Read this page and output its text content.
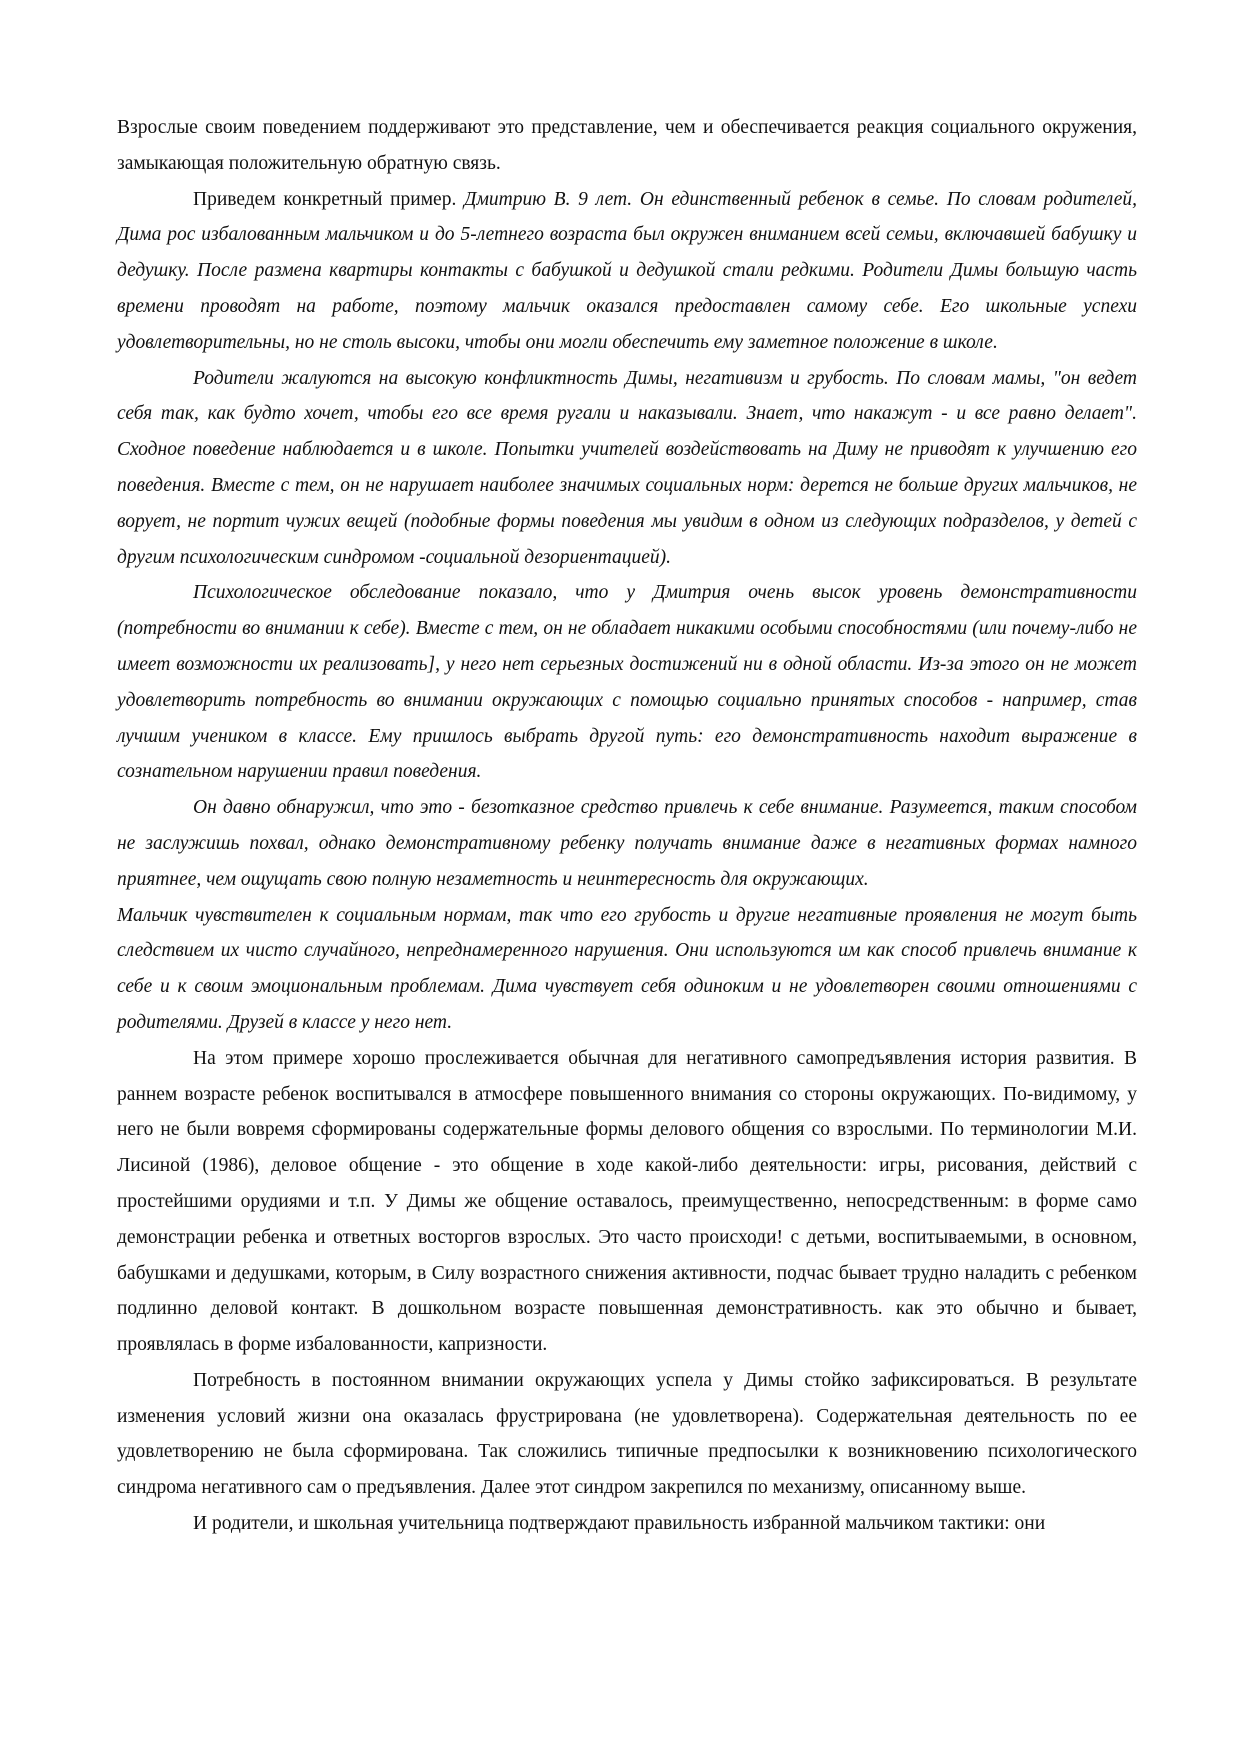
Взрослые своим поведением поддерживают это представление, чем и обеспечивается реакция социального окружения, замыкающая положительную обратную связь.

Приведем конкретный пример. Дмитрию В. 9 лет. Он единственный ребенок в семье. По словам родителей, Дима рос избалованным мальчиком и до 5-летнего возраста был окружен вниманием всей семьи, включавшей бабушку и дедушку. После размена квартиры контакты с бабушкой и дедушкой стали редкими. Родители Димы большую часть времени проводят на работе, поэтому мальчик оказался предоставлен самому себе. Его школьные успехи удовлетворительны, но не столь высоки, чтобы они могли обеспечить ему заметное положение в школе.

Родители жалуются на высокую конфликтность Димы, негативизм и грубость. По словам мамы, "он ведет себя так, как будто хочет, чтобы его все время ругали и наказывали. Знает, что накажут - и все равно делает". Сходное поведение наблюдается и в школе. Попытки учителей воздействовать на Диму не приводят к улучшению его поведения. Вместе с тем, он не нарушает наиболее значимых социальных норм: дерется не больше других мальчиков, не ворует, не портит чужих вещей (подобные формы поведения мы увидим в одном из следующих подразделов, у детей с другим психологическим синдромом -социальной дезориентацией).

Психологическое обследование показало, что у Дмитрия очень высок уровень демонстративности (потребности во внимании к себе). Вместе с тем, он не обладает никакими особыми способностями (или почему-либо не имеет возможности их реализовать], у него нет серьезных достижений ни в одной области. Из-за этого он не может удовлетворить потребность во внимании окружающих с помощью социально принятых способов - например, став лучшим учеником в классе. Ему пришлось выбрать другой путь: его демонстративность находит выражение в сознательном нарушении правил поведения.

Он давно обнаружил, что это - безотказное средство привлечь к себе внимание. Разумеется, таким способом не заслужишь похвал, однако демонстративному ребенку получать внимание даже в негативных формах намного приятнее, чем ощущать свою полную незаметность и неинтересность для окружающих.

Мальчик чувствителен к социальным нормам, так что его грубость и другие негативные проявления не могут быть следствием их чисто случайного, непреднамеренного нарушения. Они используются им как способ привлечь внимание к себе и к своим эмоциональным проблемам. Дима чувствует себя одиноким и не удовлетворен своими отношениями с родителями. Друзей в классе у него нет.

На этом примере хорошо прослеживается обычная для негативного самопредъявления история развития. В раннем возрасте ребенок воспитывался в атмосфере повышенного внимания со стороны окружающих. По-видимому, у него не были вовремя сформированы содержательные формы делового общения со взрослыми. По терминологии М.И. Лисиной (1986), деловое общение - это общение в ходе какой-либо деятельности: игры, рисования, действий с простейшими орудиями и т.п. У Димы же общение оставалось, преимущественно, непосредственным: в форме само демонстрации ребенка и ответных восторгов взрослых. Это часто происходи! с детьми, воспитываемыми, в основном, бабушками и дедушками, которым, в Силу возрастного снижения активности, подчас бывает трудно наладить с ребенком подлинно деловой контакт. В дошкольном возрасте повышенная демонстративность. как это обычно и бывает, проявлялась в форме избалованности, капризности.

Потребность в постоянном внимании окружающих успела у Димы стойко зафиксироваться. В результате изменения условий жизни она оказалась фрустрирована (не удовлетворена). Содержательная деятельность по ее удовлетворению не была сформирована. Так сложились типичные предпосылки к возникновению психологического синдрома негативного сам о предъявления. Далее этот синдром закрепился по механизму, описанному выше.

И родители, и школьная учительница подтверждают правильность избранной мальчиком тактики: они
